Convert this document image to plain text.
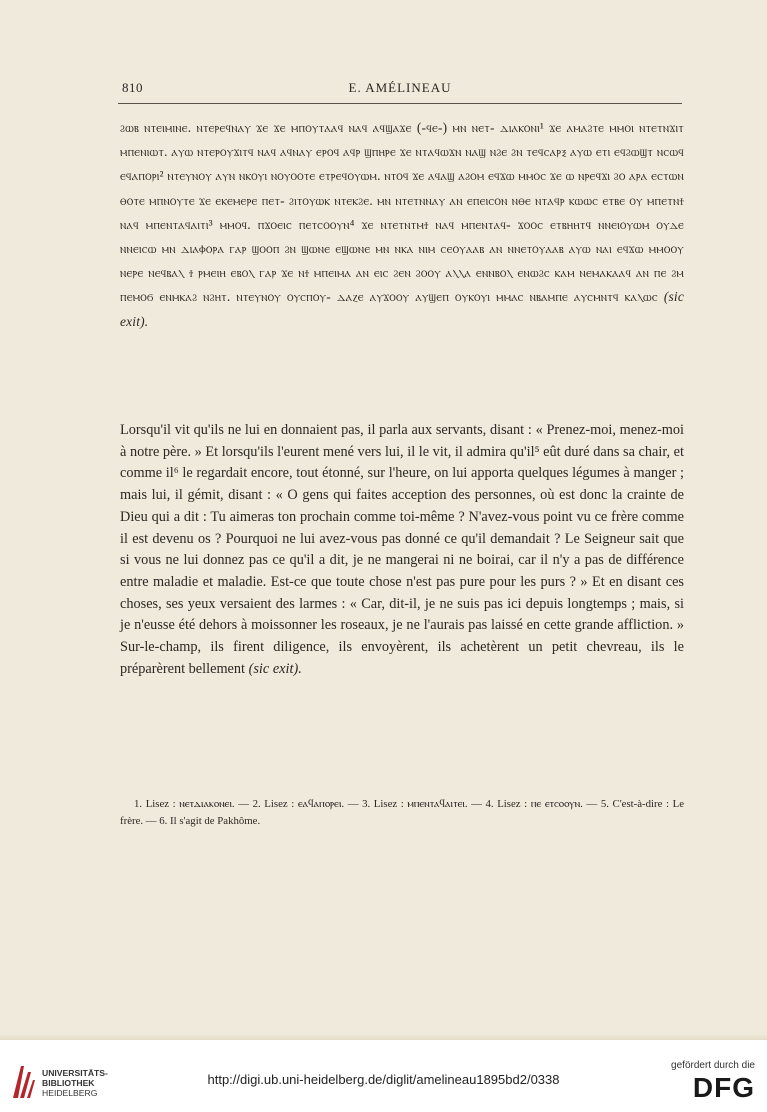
810	E. AMÉLINEAU

ϩⲱⲃ ⲛⲧⲉⲓⲙⲓⲛⲉ. ⲛⲧⲉⲣⲉϥⲛⲁⲩ ϫⲉ ϫⲉ ⲙⲡⲟⲩⲧⲁⲁϥ ⲛⲁϥ ⲁϥϣⲁϫⲉ (-ϥⲉ-) ⲙⲛ ⲛⲉⲧ- ⲇⲓⲁⲕⲟⲛⲓ¹ ϫⲉ ⲁⲙⲁϩⲧⲉ ⲙⲙⲟⲓ ⲛⲧⲉⲧⲛϫⲓⲧ ⲙⲡⲉⲛⲓⲱⲧ. ⲁⲩⲱ ⲛⲧⲉⲣⲟⲩϫⲓⲧϥ ⲛⲁϥ ⲁϥⲛⲁⲩ ⲉⲣⲟϥ ⲁϥⲣ ϣⲡⲏⲣⲉ ϫⲉ ⲛⲧⲁϥⲱϫⲛ ⲛⲁϣ ⲛϩⲉ ϩⲛ ⲧⲉϥⲥⲁⲣⲝ ⲁⲩⲱ ⲉⲧⲓ ⲉϥϩⲱϣⲧ ⲛⲥⲱϥ ⲉϥⲁⲡⲟⲣⲓ² ⲛⲧⲉⲩⲛⲟⲩ ⲁⲩⲛ ⲛⲕⲟⲩⲓ ⲛⲟⲩⲟⲟⲧⲉ ⲉⲧⲣⲉϥⲟⲩⲱⲙ. ⲛⲧⲟϥ ϫⲉ ⲁϥⲁϣ ⲁϩⲟⲙ ⲉϥϫⲱ ⲙⲙⲟⲥ ϫⲉ ⲱ ⲛⲣⲉϥϫⲓ ϩⲟ ⲁⲣⲁ ⲉⲥⲧⲱⲛ ⲑⲟⲧⲉ ⲙⲡⲛⲟⲩⲧⲉ ϫⲉ ⲉⲕⲉⲙⲉⲣⲉ ⲡⲉⲧ- ϩⲓⲧⲟⲩⲱⲕ ⲛⲧⲉⲕϩⲉ. ⲙⲛ ⲛⲧⲉⲧⲛⲛⲁⲩ ⲁⲛ ⲉⲡⲉⲓⲥⲟⲛ ⲛⲑⲉ ⲛⲧⲁϥⲣ ⲕⲱⲱⲥ ⲉⲧⲃⲉ ⲟⲩ ⲙⲡⲉⲧⲛϯ ⲛⲁϥ ⲙⲡⲉⲛⲧⲁϥⲁⲓⲧⲓ³ ⲙⲙⲟϥ. ⲡϫⲟⲉⲓⲥ ⲡⲉⲧⲥⲟⲟⲩⲛ⁴ ϫⲉ ⲛⲧⲉⲧⲛⲧⲙϯ ⲛⲁϥ ⲙⲡⲉⲛⲧⲁϥ- ϫⲟⲟⲥ ⲉⲧⲃⲏⲏⲧϥ ⲛⲛⲉⲓⲟⲩⲱⲙ ⲟⲩⲇⲉ ⲛⲛⲉⲓⲥⲱ ⲙⲛ ⲇⲓⲁⲫⲟⲣⲁ ⲅⲁⲣ ϣⲟⲟⲡ ϩⲛ ϣⲱⲛⲉ ⲉϣⲱⲛⲉ ⲙⲛ ⲛⲕⲁ ⲛⲓⲙ ⲥⲉⲟⲩⲁⲁⲃ ⲁⲛ ⲛⲛⲉⲧⲟⲩⲁⲁⲃ ⲁⲩⲱ ⲛⲁⲓ ⲉϥϫⲱ ⲙⲙⲟⲟⲩ ⲛⲉⲣⲉ ⲛⲉϥⲃⲁⲗ ϯ ⲣⲙⲉⲓⲏ ⲉⲃⲟⲗ ⲅⲁⲣ ϫⲉ ⲛϯ ⲙⲡⲉⲓⲙⲁ ⲁⲛ ⲉⲓⲥ ϩⲉⲛ ϩⲟⲟⲩ ⲁⲗⲗⲁ ⲉⲛⲛⲃⲟⲗ ⲉⲛⲱϩⲥ ⲕⲁⲙ ⲛⲉⲙⲁⲕⲁⲁϥ ⲁⲛ ⲡⲉ ϩⲙ ⲡⲉⲙⲟϭ ⲉⲛⲙⲕⲁϩ ⲛϩⲏⲧ. ⲛⲧⲉⲩⲛⲟⲩ ⲟⲩⲥⲡⲟⲩ- ⲇⲁⲍⲉ ⲁⲩϫⲟⲟⲩ ⲁⲩϣⲉⲡ ⲟⲩⲕⲟⲩⲓ ⲙⲙⲁⲥ ⲛⲃⲁⲙⲡⲉ ⲁⲩⲥⲙⲛⲧϥ ⲕⲁⲗⲱⲥ (sic exit).

Lorsqu'il vit qu'ils ne lui en donnaient pas, il parla aux servants, disant : « Prenez-moi, menez-moi à notre père. » Et lorsqu'ils l'eurent mené vers lui, il le vit, il admira qu'il⁵ eût duré dans sa chair, et comme il⁶ le regardait encore, tout étonné, sur l'heure, on lui apporta quelques légumes à manger ; mais lui, il gémit, disant : « O gens qui faites acception des personnes, où est donc la crainte de Dieu qui a dit : Tu aimeras ton prochain comme toi-même ? N'avez-vous point vu ce frère comme il est devenu os ? Pourquoi ne lui avez-vous pas donné ce qu'il demandait ? Le Seigneur sait que si vous ne lui donnez pas ce qu'il a dit, je ne mangerai ni ne boirai, car il n'y a pas de différence entre maladie et maladie. Est-ce que toute chose n'est pas pure pour les purs ? » Et en disant ces choses, ses yeux versaient des larmes : « Car, dit-il, je ne suis pas ici depuis longtemps ; mais, si je n'eusse été dehors à moissonner les roseaux, je ne l'aurais pas laissé en cette grande affliction. » Sur-le-champ, ils firent diligence, ils envoyèrent, ils achetèrent un petit chevreau, ils le préparèrent bellement (sic exit).

1. Lisez : ⲛⲉⲧⲇⲓⲁⲕⲟⲛⲉⲓ. — 2. Lisez : ⲉⲁϥⲁⲡⲟⲣⲉⲓ. — 3. Lisez : ⲙⲡⲉⲛⲧⲁϥⲁⲓⲧⲉⲓ. — 4. Lisez : ⲡⲉ ⲉⲧⲥⲟⲟⲩⲛ. — 5. C'est-à-dire : Le frère. — 6. Il s'agit de Pakhôme.

UNIVERSITÄTS-
BIBLIOTHEK
HEIDELBERG
http://digi.ub.uni-heidelberg.de/diglit/amelineau1895bd2/0338
gefördert durch die
DFG
